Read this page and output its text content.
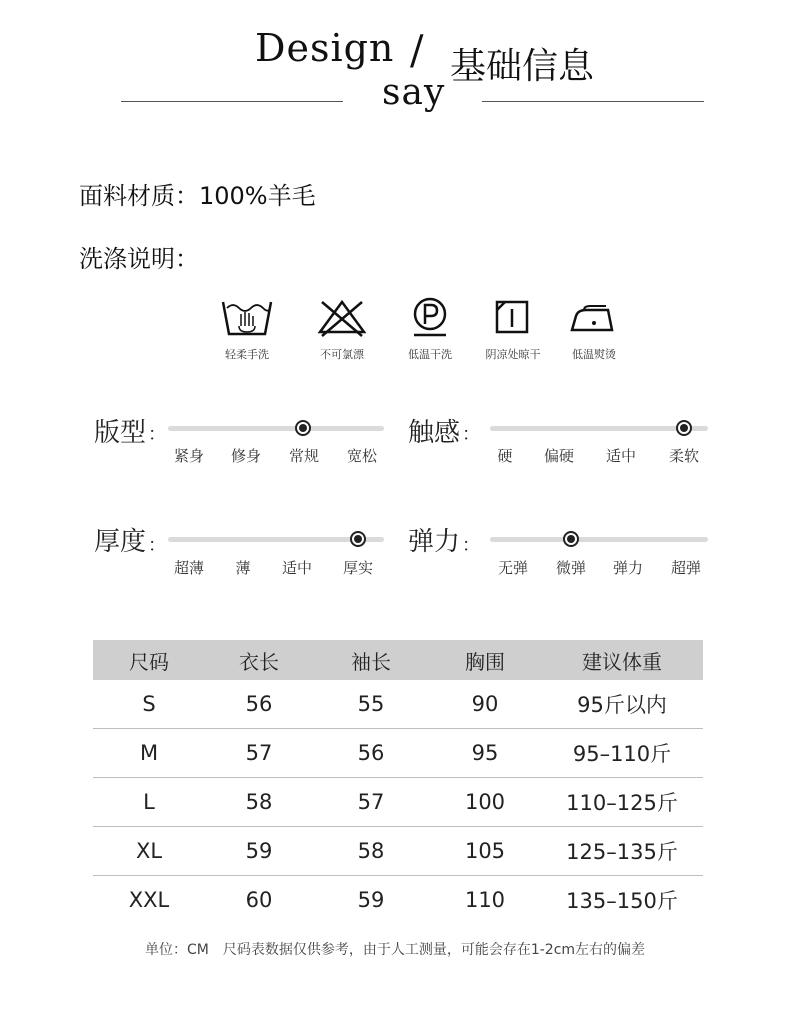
Design / 基础信息
say
面料材质：100%羊毛
洗涤说明：
轻柔手洗	不可氯漂	低温干洗	阴凉处晾干	低温熨烫
版型 ：
紧身 修身 常规 宽松
触感 ：
硬 偏硬 适中 柔软
厚度 ：
超薄 薄 适中 厚实
弹力 ：
无弹 微弹 弹力 超弹
尺码	衣长	袖长	胸围	建议体重
S	56	55	90	95斤以内
M	57	56	95	95–110斤
L	58	57	100	110–125斤
XL	59	58	105	125–135斤
XXL	60	59	110	135–150斤
单位：CM　尺码表数据仅供参考，由于人工测量，可能会存在1-2cm左右的偏差
